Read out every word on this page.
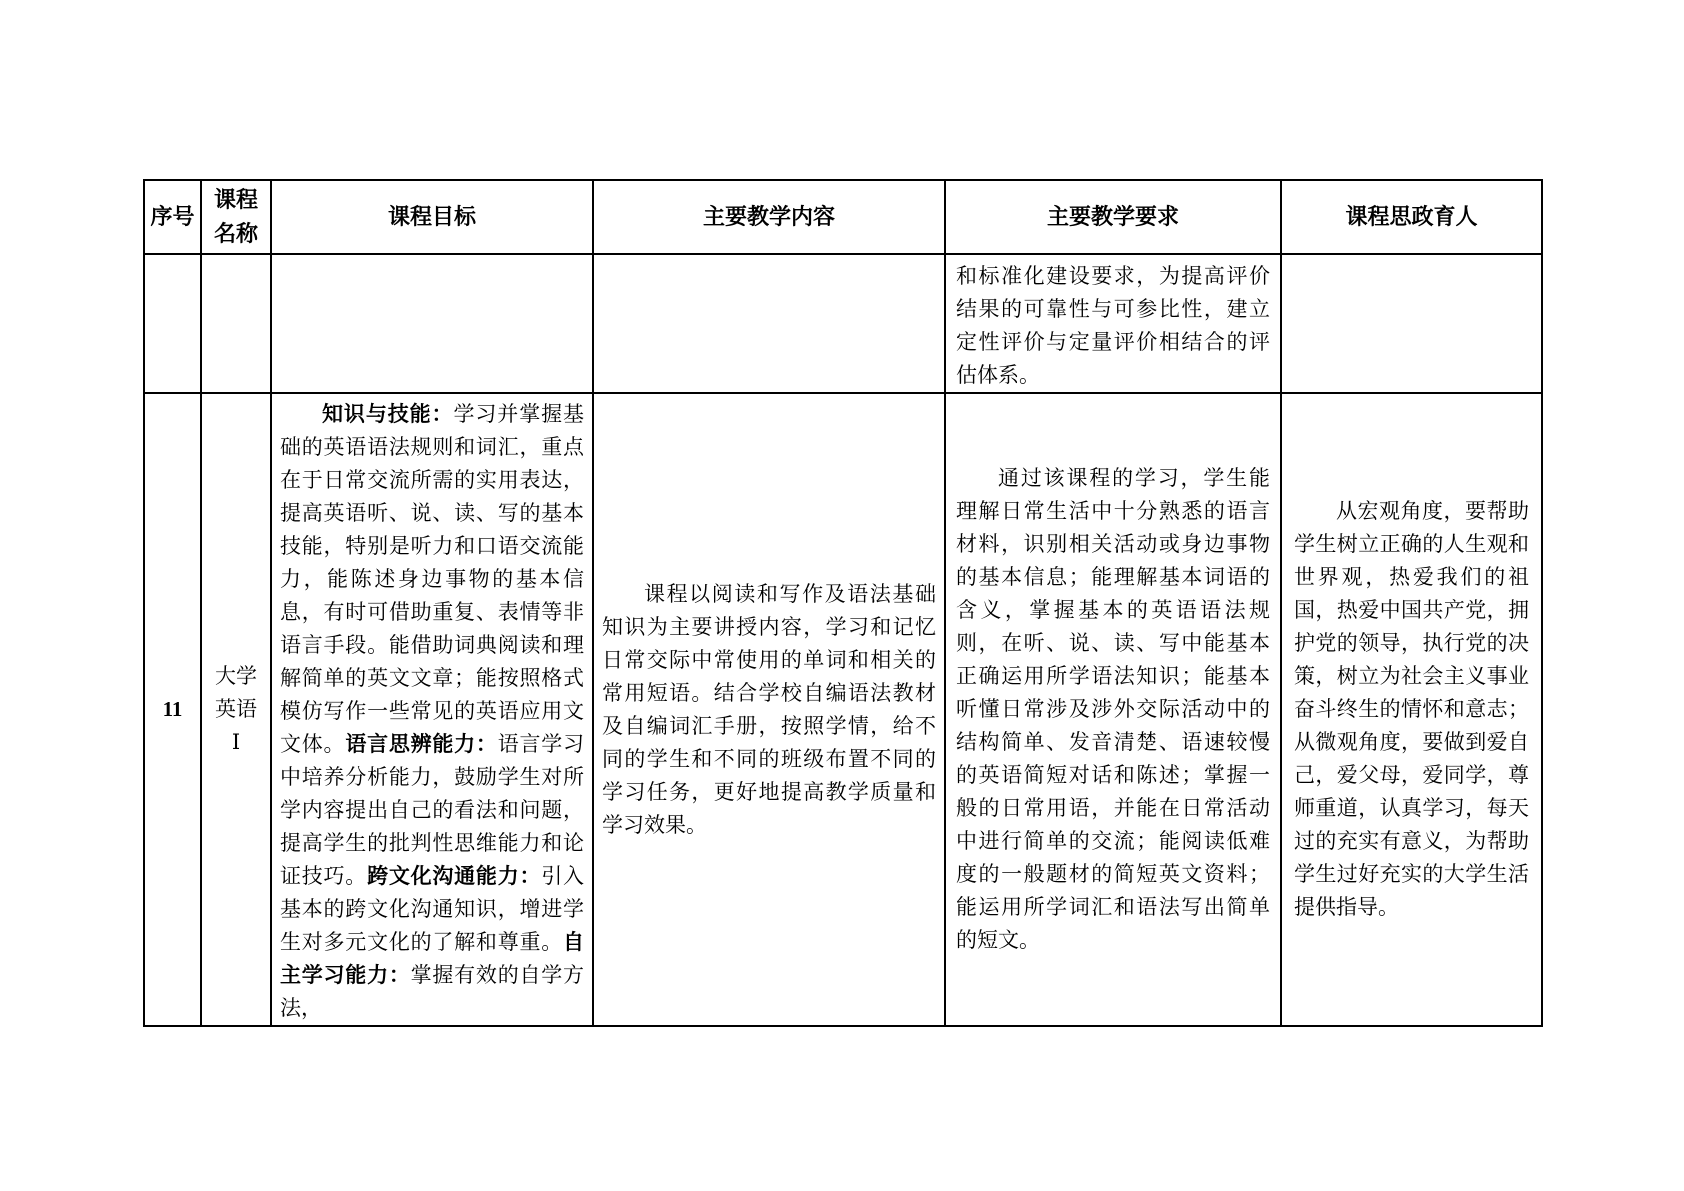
序号	课程名称	课程目标	主要教学内容	主要教学要求	课程思政育人

				和标准化建设要求，为提高评价结果的可靠性与可参比性，建立定性评价与定量评价相结合的评估体系。	

11	大学英语Ⅰ	知识与技能：学习并掌握基础的英语语法规则和词汇，重点在于日常交流所需的实用表达，提高英语听、说、读、写的基本技能，特别是听力和口语交流能力，能陈述身边事物的基本信息，有时可借助重复、表情等非语言手段。能借助词典阅读和理解简单的英文文章；能按照格式模仿写作一些常见的英语应用文文体。语言思辨能力：语言学习中培养分析能力，鼓励学生对所学内容提出自己的看法和问题，提高学生的批判性思维能力和论证技巧。跨文化沟通能力：引入基本的跨文化沟通知识，增进学生对多元文化的了解和尊重。自主学习能力：掌握有效的自学方法，	课程以阅读和写作及语法基础知识为主要讲授内容，学习和记忆日常交际中常使用的单词和相关的常用短语。结合学校自编语法教材及自编词汇手册，按照学情，给不同的学生和不同的班级布置不同的学习任务，更好地提高教学质量和学习效果。	通过该课程的学习，学生能理解日常生活中十分熟悉的语言材料，识别相关活动或身边事物的基本信息；能理解基本词语的含义，掌握基本的英语语法规则，在听、说、读、写中能基本正确运用所学语法知识；能基本听懂日常涉及涉外交际活动中的结构简单、发音清楚、语速较慢的英语简短对话和陈述；掌握一般的日常用语，并能在日常活动中进行简单的交流；能阅读低难度的一般题材的简短英文资料；能运用所学词汇和语法写出简单的短文。	从宏观角度，要帮助学生树立正确的人生观和世界观，热爱我们的祖国，热爱中国共产党，拥护党的领导，执行党的决策，树立为社会主义事业奋斗终生的情怀和意志；从微观角度，要做到爱自己，爱父母，爱同学，尊师重道，认真学习，每天过的充实有意义，为帮助学生过好充实的大学生活提供指导。
